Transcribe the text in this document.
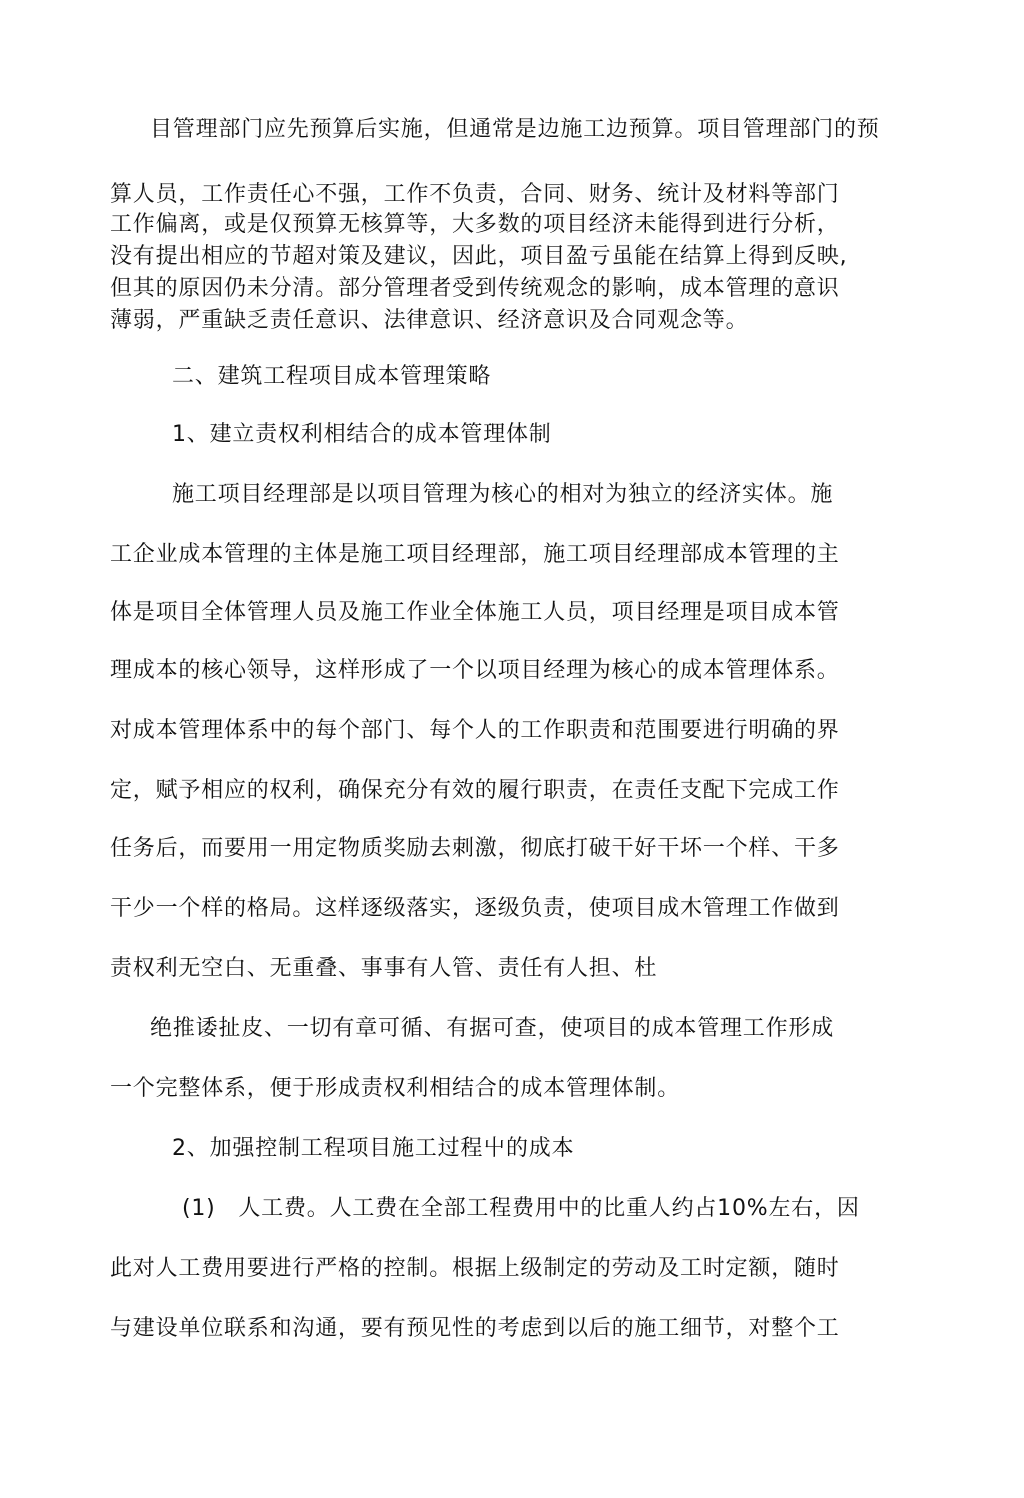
目管理部门应先预算后实施，但通常是边施工边预算。项目管理部门的预
算人员，工作责任心不强，工作不负责，合同、财务、统计及材料等部门
工作偏离，或是仅预算无核算等，大多数的项目经济未能得到进行分析，
没有提出相应的节超对策及建议，因此，项目盈亏虽能在结算上得到反映,
但其的原因仍未分清。部分管理者受到传统观念的影响，成本管理的意识
薄弱，严重缺乏责任意识、法律意识、经济意识及合同观念等。
二、建筑工程项目成本管理策略
1、建立责权利相结合的成本管理体制
施工项目经理部是以项目管理为核心的相对为独立的经济实体。施
工企业成本管理的主体是施工项目经理部，施工项目经理部成本管理的主
体是项目全体管理人员及施工作业全体施工人员，项目经理是项目成本管
理成本的核心领导，这样形成了一个以项目经理为核心的成本管理体系。
对成本管理体系中的每个部门、每个人的工作职责和范围要进行明确的界
定，赋予相应的权利，确保充分有效的履行职责，在责任支配下完成工作
任务后，而要用一用定物质奖励去刺激，彻底打破干好干坏一个样、干多
干少一个样的格局。这样逐级落实，逐级负责，使项目成木管理工作做到
责权利无空白、无重叠、事事有人管、责任有人担、杜
绝推诿扯皮、一切有章可循、有据可查，使项目的成本管理工作形成
一个完整体系，便于形成责权利相结合的成本管理体制。
2、加强控制工程项目施工过程屮的成本
(1)　人工费。人工费在全部工程费用中的比重人约占10%左右，因
此对人工费用要进行严格的控制。根据上级制定的劳动及工时定额，随时
与建设单位联系和沟通，要有预见性的考虑到以后的施工细节，对整个工
